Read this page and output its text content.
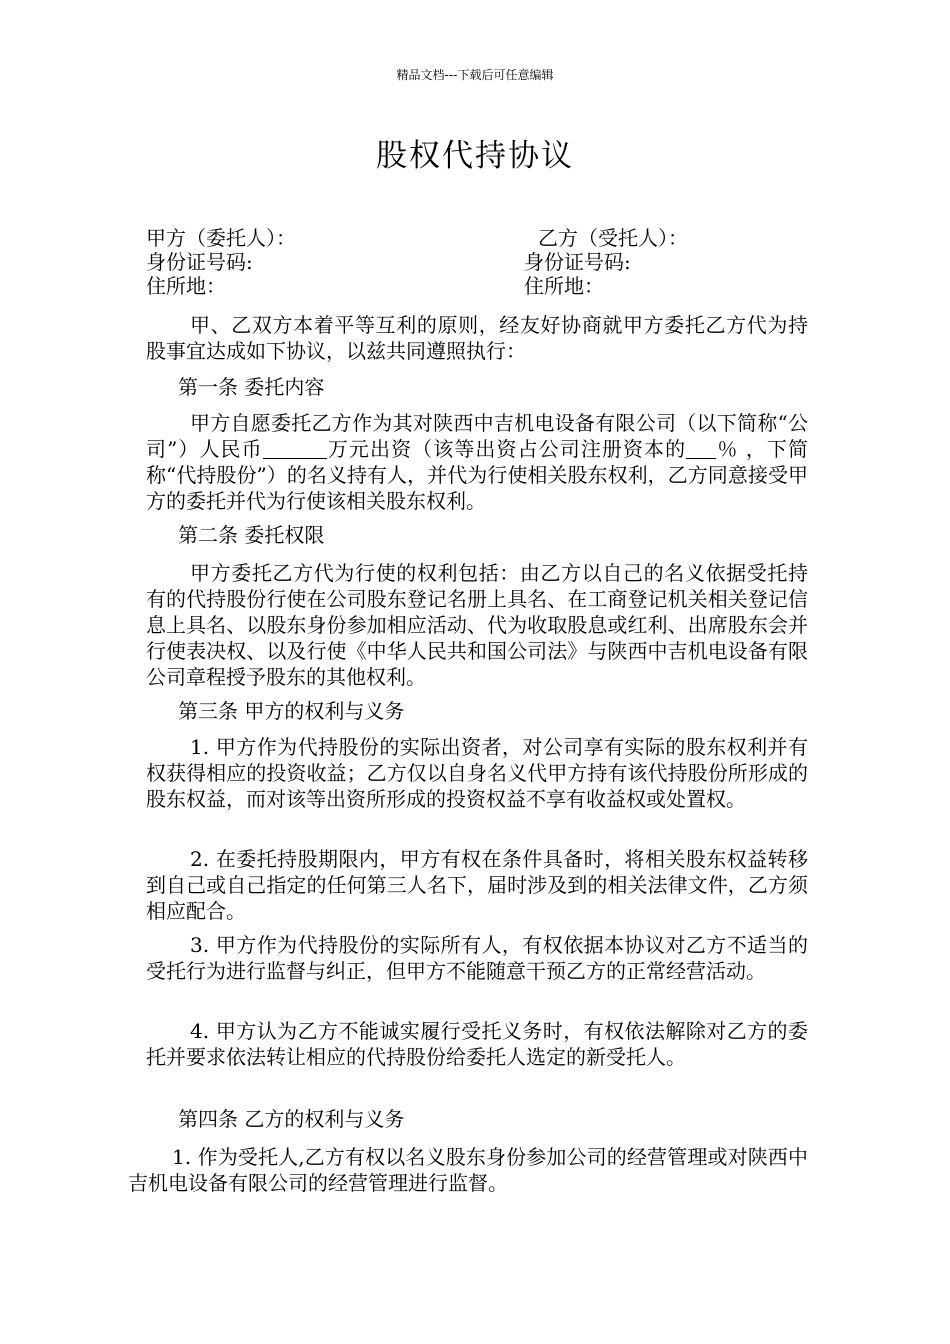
精品文档---下载后可任意编辑
股权代持协议
甲方（委托人）：
身份证号码:
住所地：
乙方（受托人）：
身份证号码:
住所地：
甲、乙双方本着平等互利的原则，经友好协商就甲方委托乙方代为持股事宜达成如下协议，以兹共同遵照执行：
第一条 委托内容
甲方自愿委托乙方作为其对陕西中吉机电设备有限公司（以下简称“公司”）人民币	万元出资（该等出资占公司注册资本的 ％ ，下简称“代持股份”）的名义持有人，并代为行使相关股东权利，乙方同意接受甲方的委托并代为行使该相关股东权利。
第二条 委托权限
甲方委托乙方代为行使的权利包括：由乙方以自己的名义依据受托持有的代持股份行使在公司股东登记名册上具名、在工商登记机关相关登记信息上具名、以股东身份参加相应活动、代为收取股息或红利、出席股东会并行使表决权、以及行使《中华人民共和国公司法》与陕西中吉机电设备有限公司章程授予股东的其他权利。
第三条 甲方的权利与义务
1. 甲方作为代持股份的实际出资者，对公司享有实际的股东权利并有权获得相应的投资收益；乙方仅以自身名义代甲方持有该代持股份所形成的股东权益，而对该等出资所形成的投资权益不享有收益权或处置权。
2. 在委托持股期限内，甲方有权在条件具备时，将相关股东权益转移到自己或自己指定的任何第三人名下，届时涉及到的相关法律文件，乙方须相应配合。
3. 甲方作为代持股份的实际所有人，有权依据本协议对乙方不适当的受托行为进行监督与纠正，但甲方不能随意干预乙方的正常经营活动。
4. 甲方认为乙方不能诚实履行受托义务时，有权依法解除对乙方的委托并要求依法转让相应的代持股份给委托人选定的新受托人。
第四条 乙方的权利与义务
1. 作为受托人,乙方有权以名义股东身份参加公司的经营管理或对陕西中吉机电设备有限公司的经营管理进行监督。
